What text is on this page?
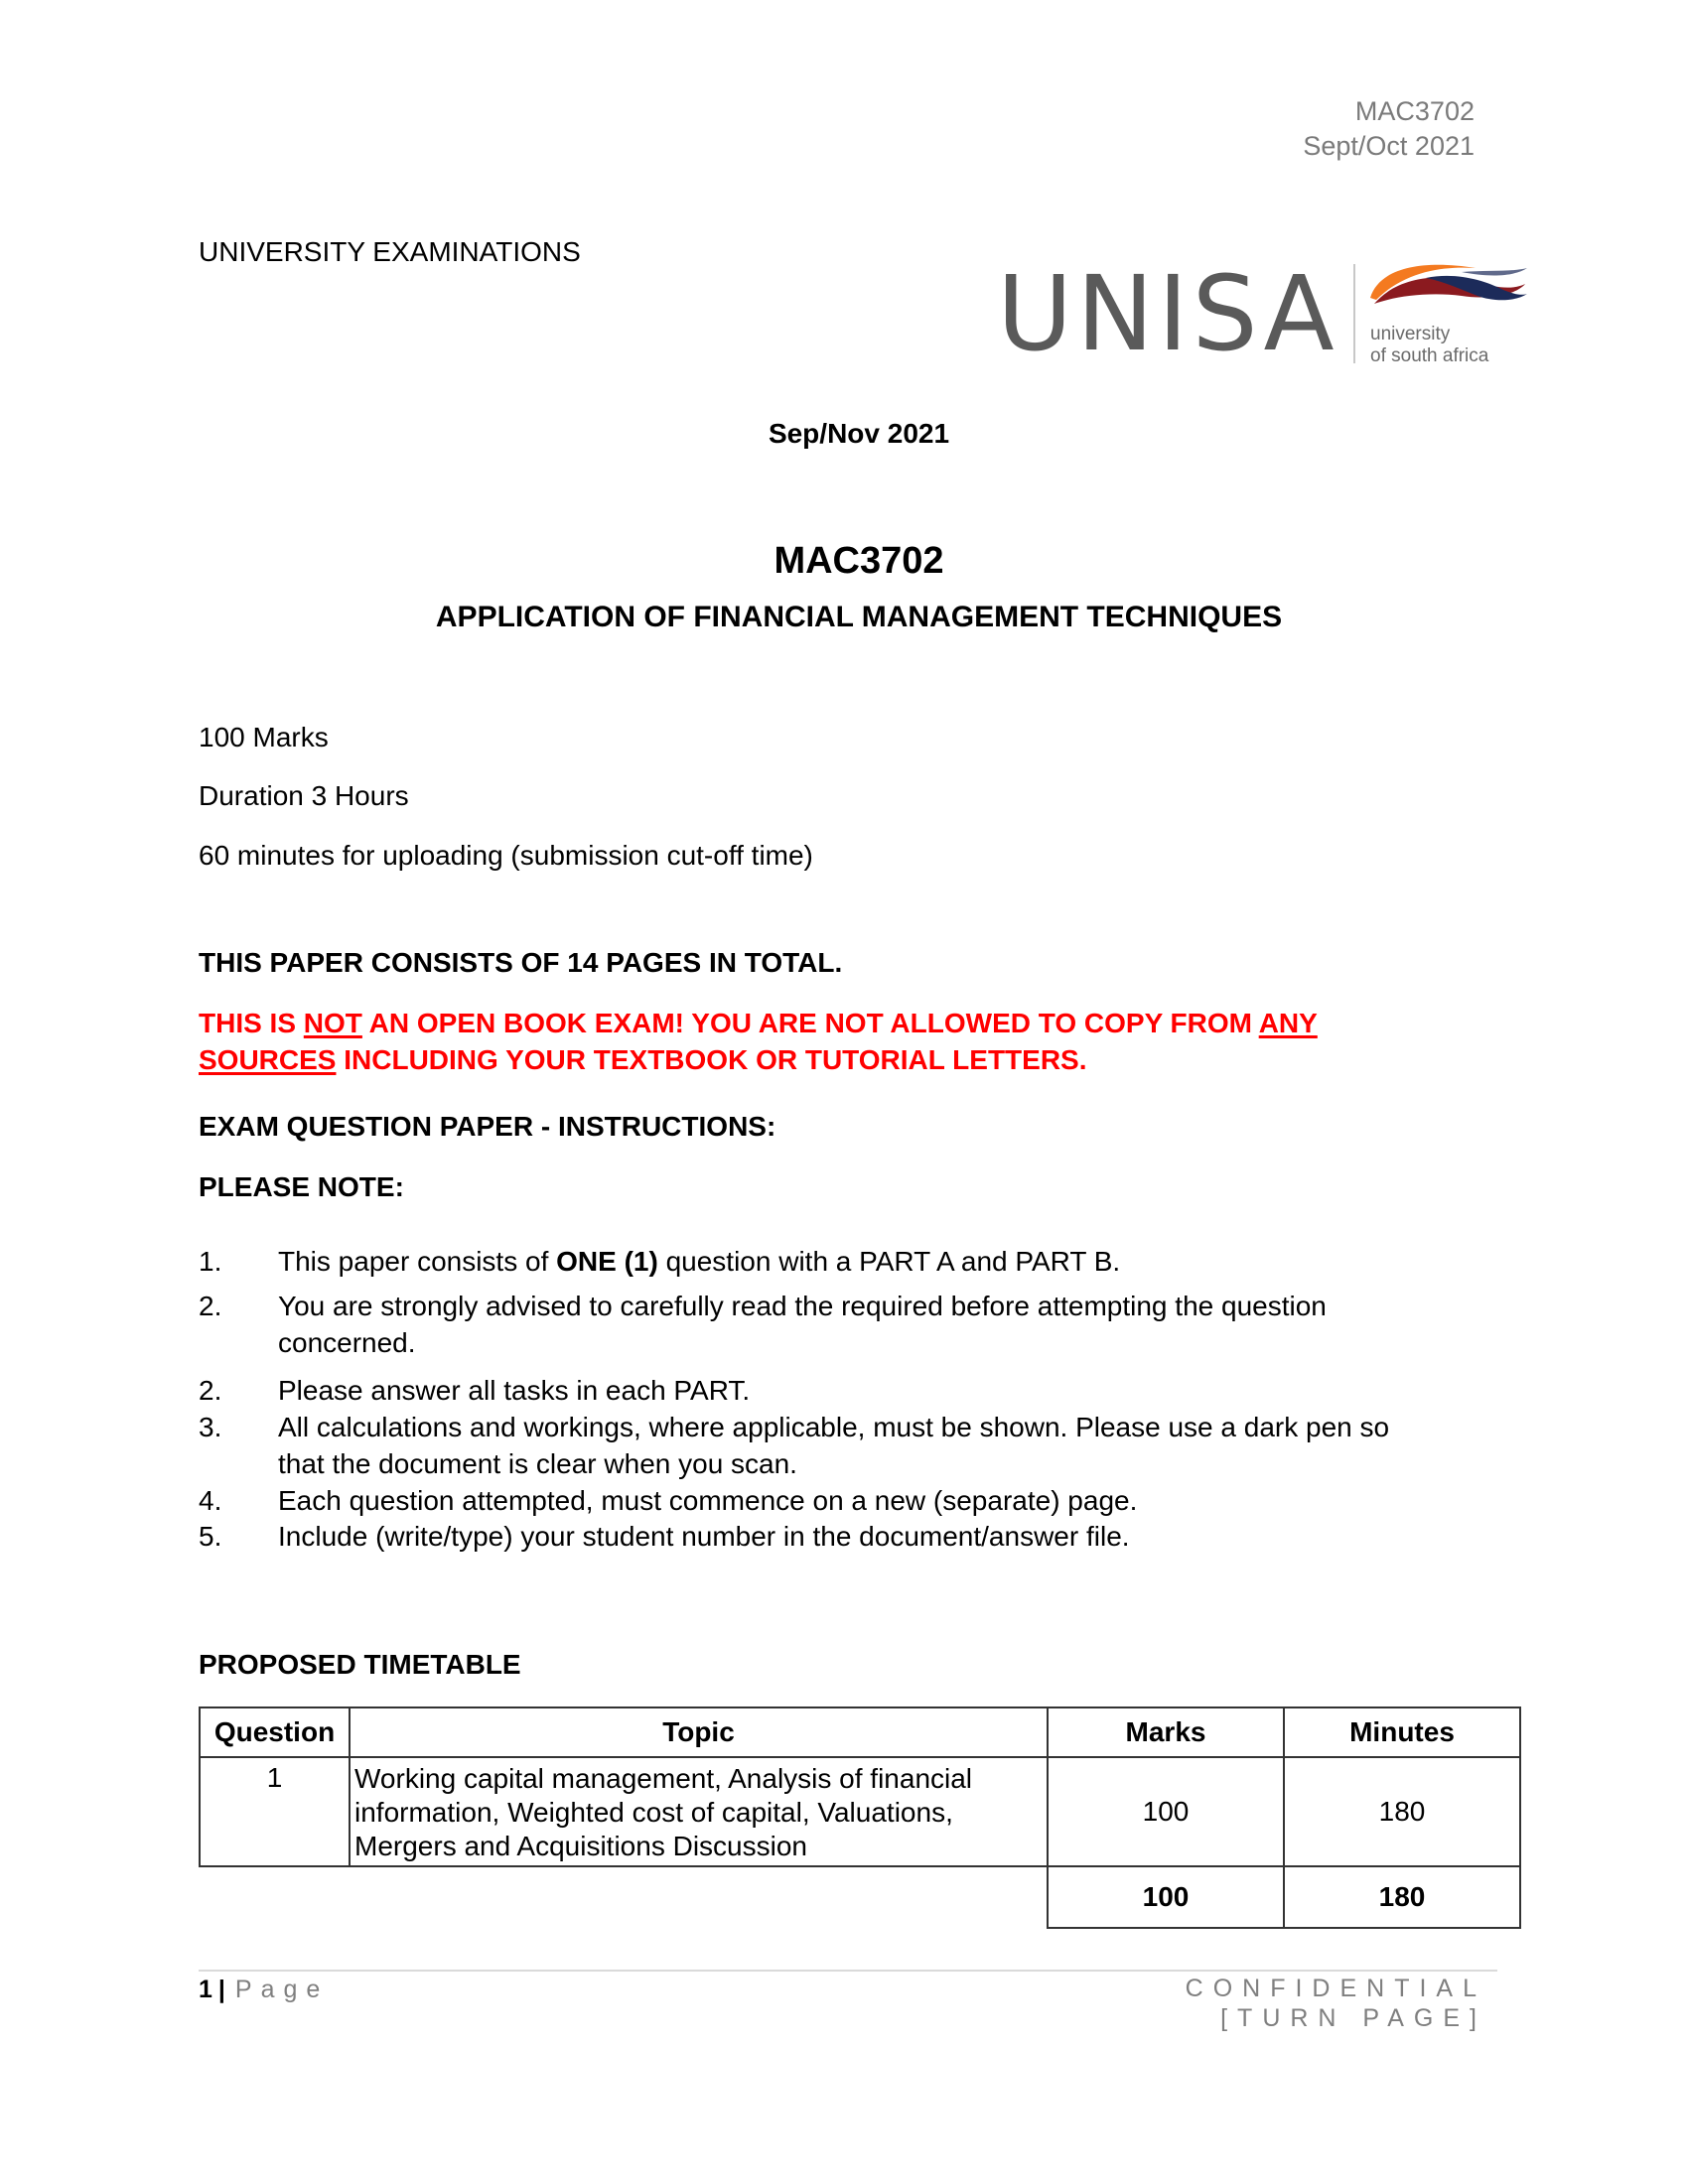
MAC3702
Sept/Oct 2021
UNIVERSITY EXAMINATIONS
UNISA university
of south africa
Sep/Nov 2021
MAC3702
APPLICATION OF FINANCIAL MANAGEMENT TECHNIQUES
100 Marks
Duration 3 Hours
60 minutes for uploading (submission cut-off time)
THIS PAPER CONSISTS OF 14 PAGES IN TOTAL.
THIS IS NOT AN OPEN BOOK EXAM! YOU ARE NOT ALLOWED TO COPY FROM ANY
SOURCES INCLUDING YOUR TEXTBOOK OR TUTORIAL LETTERS.
EXAM QUESTION PAPER - INSTRUCTIONS:
PLEASE NOTE:
1.	This paper consists of ONE (1) question with a PART A and PART B.
2.	You are strongly advised to carefully read the required before attempting the question
concerned.
2.	Please answer all tasks in each PART.
3.	All calculations and workings, where applicable, must be shown. Please use a dark pen so
that the document is clear when you scan.
4.	Each question attempted, must commence on a new (separate) page.
5.	Include (write/type) your student number in the document/answer file.
PROPOSED TIMETABLE
Question	Topic	Marks	Minutes
1	Working capital management, Analysis of financial
information, Weighted cost of capital, Valuations,
Mergers and Acquisitions Discussion	100	180
		100	180
1 | Page	CONFIDENTIAL
[TURN PAGE]
